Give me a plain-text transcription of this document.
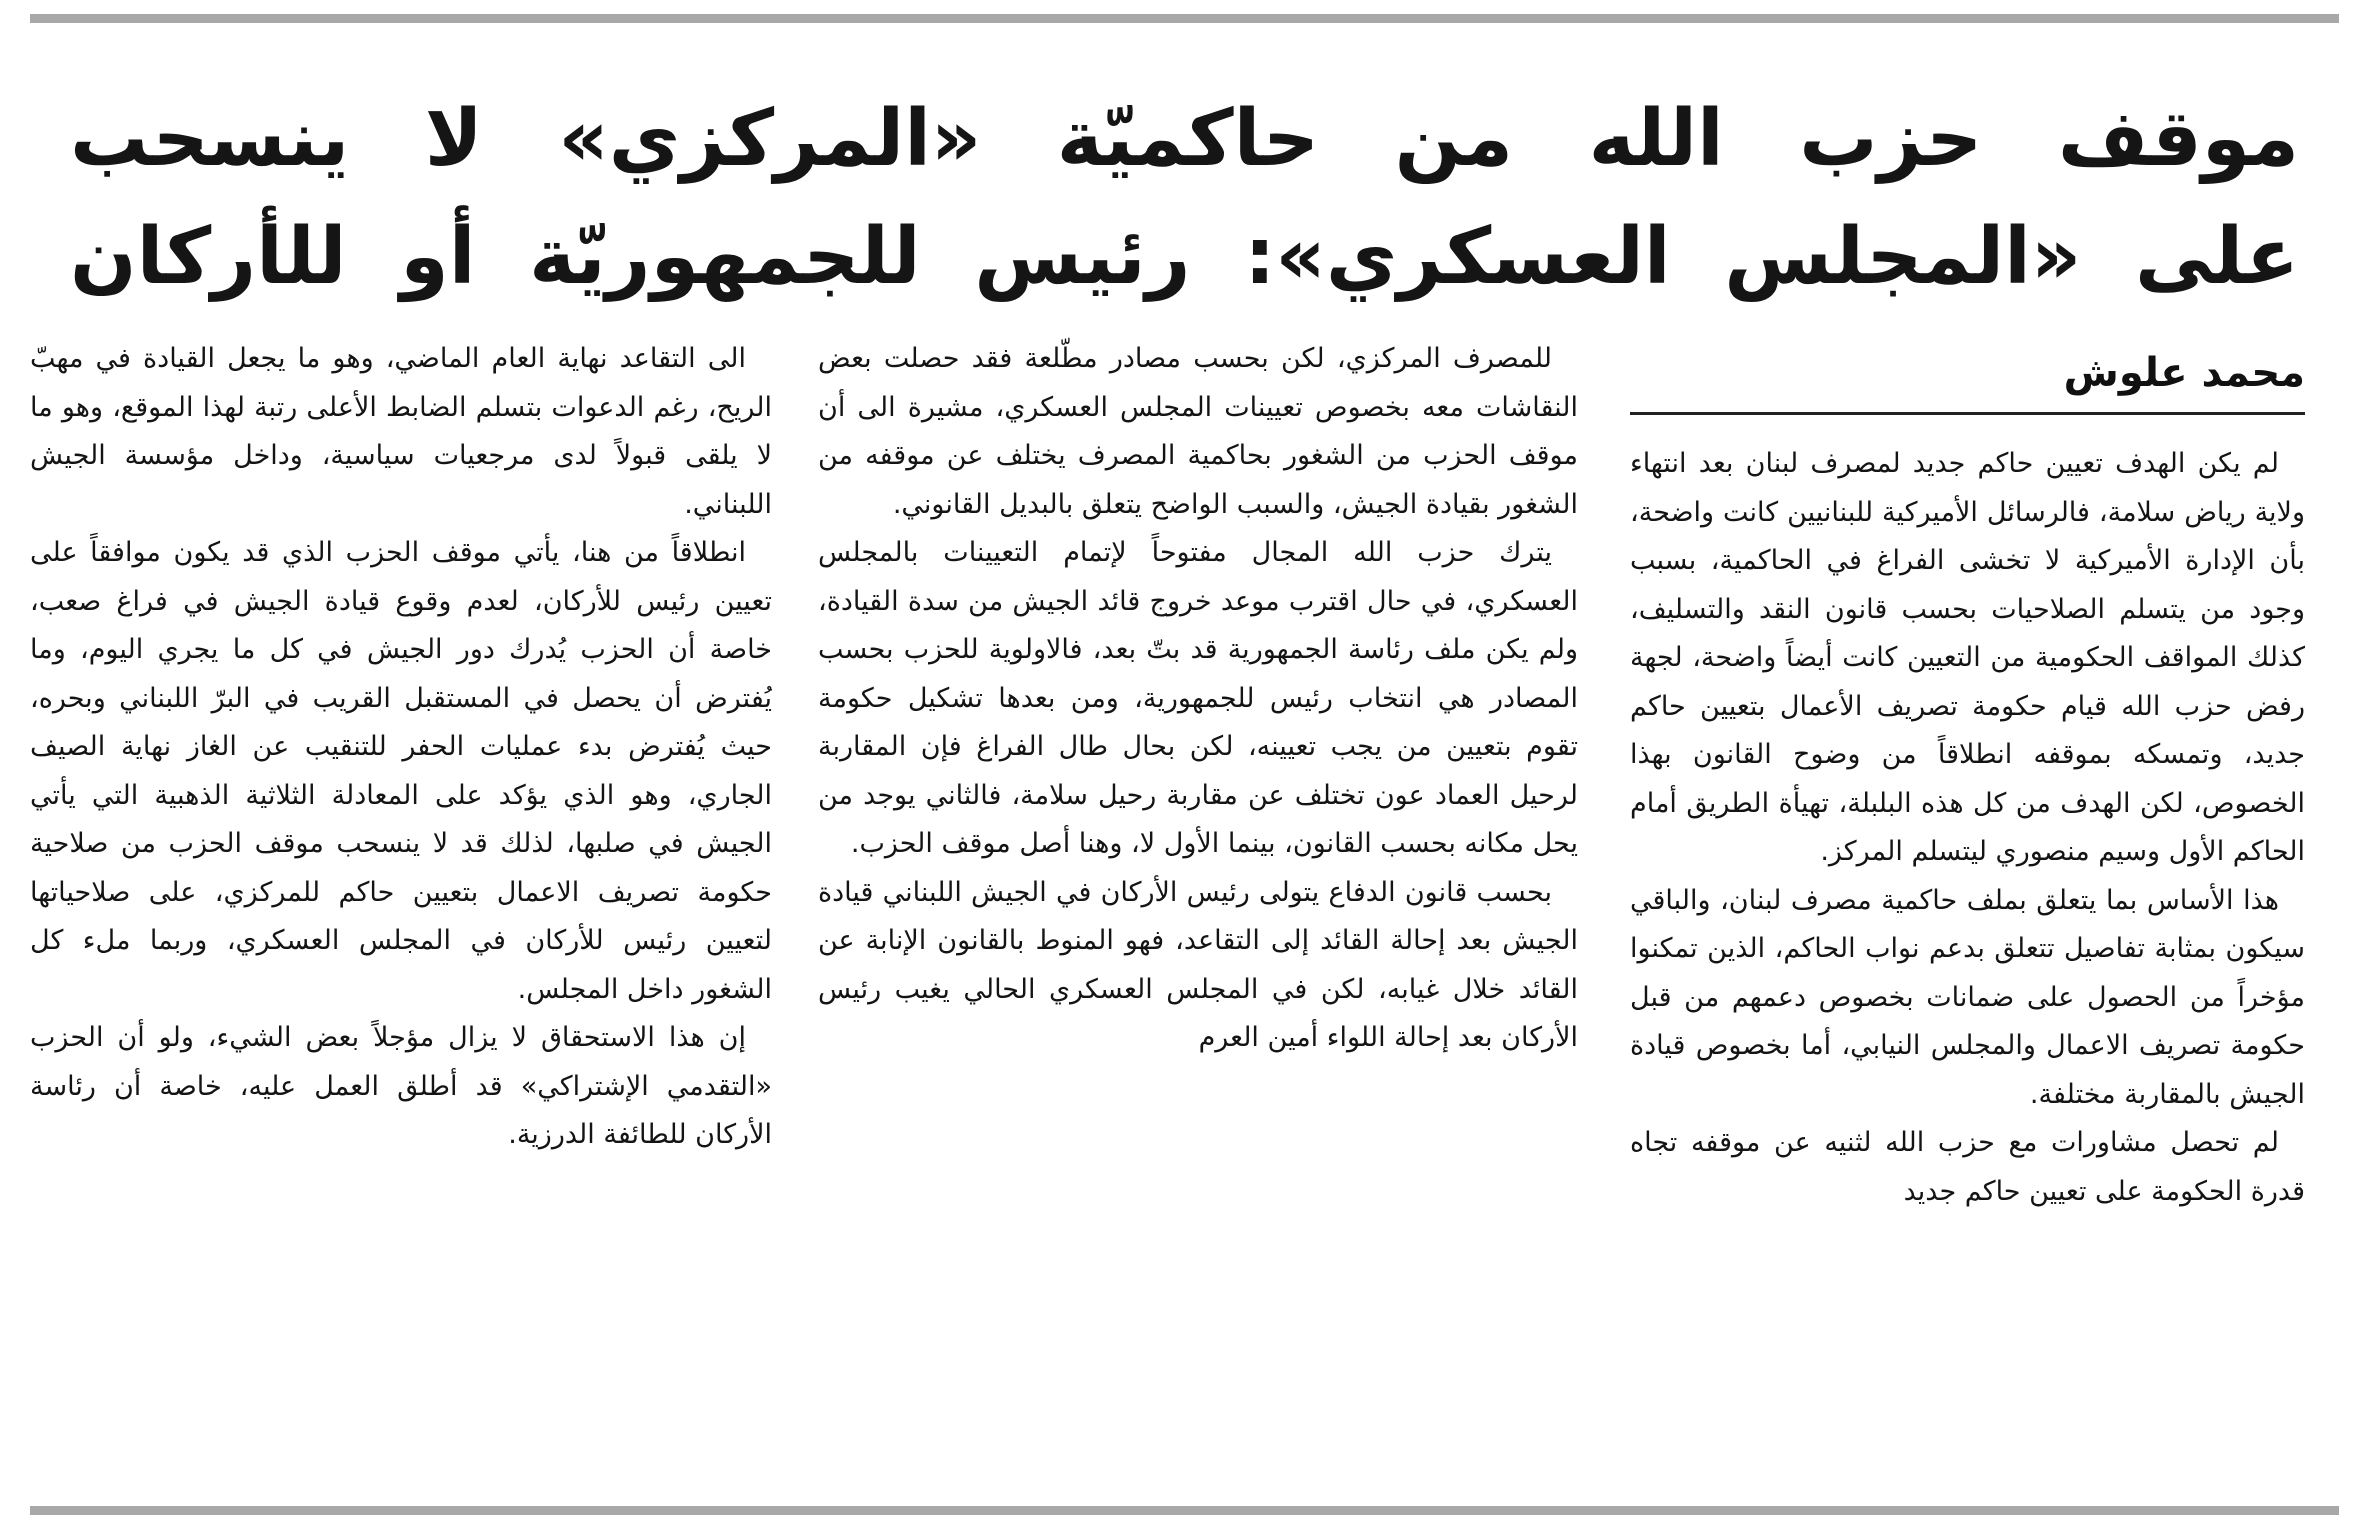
موقف حزب الله من حاكميّة «المركزي» لا ينسحب
على «المجلس العسكري»: رئيس للجمهوريّة أو للأركان
محمد علوش

لم يكن الهدف تعيين حاكم جديد لمصرف لبنان بعد انتهاء ولاية رياض سلامة، فالرسائل الأميركية للبنانيين كانت واضحة، بأن الإدارة الأميركية لا تخشى الفراغ في الحاكمية، بسبب وجود من يتسلم الصلاحيات بحسب قانون النقد والتسليف، كذلك المواقف الحكومية من التعيين كانت أيضاً واضحة، لجهة رفض حزب الله قيام حكومة تصريف الأعمال بتعيين حاكم جديد، وتمسكه بموقفه انطلاقاً من وضوح القانون بهذا الخصوص، لكن الهدف من كل هذه البلبلة، تهيأة الطريق أمام الحاكم الأول وسيم منصوري ليتسلم المركز.

هذا الأساس بما يتعلق بملف حاكمية مصرف لبنان، والباقي سيكون بمثابة تفاصيل تتعلق بدعم نواب الحاكم، الذين تمكنوا مؤخراً من الحصول على ضمانات بخصوص دعمهم من قبل حكومة تصريف الاعمال والمجلس النيابي، أما بخصوص قيادة الجيش بالمقاربة مختلفة.

لم تحصل مشاورات مع حزب الله لثنيه عن موقفه تجاه قدرة الحكومة على تعيين حاكم جديد

للمصرف المركزي، لكن بحسب مصادر مطّلعة فقد حصلت بعض النقاشات معه بخصوص تعيينات المجلس العسكري، مشيرة الى أن موقف الحزب من الشغور بحاكمية المصرف يختلف عن موقفه من الشغور بقيادة الجيش، والسبب الواضح يتعلق بالبديل القانوني.

يترك حزب الله المجال مفتوحاً لإتمام التعيينات بالمجلس العسكري، في حال اقترب موعد خروج قائد الجيش من سدة القيادة، ولم يكن ملف رئاسة الجمهورية قد بتّ بعد، فالاولوية للحزب بحسب المصادر هي انتخاب رئيس للجمهورية، ومن بعدها تشكيل حكومة تقوم بتعيين من يجب تعيينه، لكن بحال طال الفراغ فإن المقاربة لرحيل العماد عون تختلف عن مقاربة رحيل سلامة، فالثاني يوجد من يحل مكانه بحسب القانون، بينما الأول لا، وهنا أصل موقف الحزب.

بحسب قانون الدفاع يتولى رئيس الأركان في الجيش اللبناني قيادة الجيش بعد إحالة القائد إلى التقاعد، فهو المنوط بالقانون الإنابة عن القائد خلال غيابه، لكن في المجلس العسكري الحالي يغيب رئيس الأركان بعد إحالة اللواء أمين العرم

الى التقاعد نهاية العام الماضي، وهو ما يجعل القيادة في مهبّ الريح، رغم الدعوات بتسلم الضابط الأعلى رتبة لهذا الموقع، وهو ما لا يلقى قبولاً لدى مرجعيات سياسية، وداخل مؤسسة الجيش اللبناني.

انطلاقاً من هنا، يأتي موقف الحزب الذي قد يكون موافقاً على تعيين رئيس للأركان، لعدم وقوع قيادة الجيش في فراغ صعب، خاصة أن الحزب يُدرك دور الجيش في كل ما يجري اليوم، وما يُفترض أن يحصل في المستقبل القريب في البرّ اللبناني وبحره، حيث يُفترض بدء عمليات الحفر للتنقيب عن الغاز نهاية الصيف الجاري، وهو الذي يؤكد على المعادلة الثلاثية الذهبية التي يأتي الجيش في صلبها، لذلك قد لا ينسحب موقف الحزب من صلاحية حكومة تصريف الاعمال بتعيين حاكم للمركزي، على صلاحياتها لتعيين رئيس للأركان في المجلس العسكري، وربما ملء كل الشغور داخل المجلس.

إن هذا الاستحقاق لا يزال مؤجلاً بعض الشيء، ولو أن الحزب «التقدمي الإشتراكي» قد أطلق العمل عليه، خاصة أن رئاسة الأركان للطائفة الدرزية.
